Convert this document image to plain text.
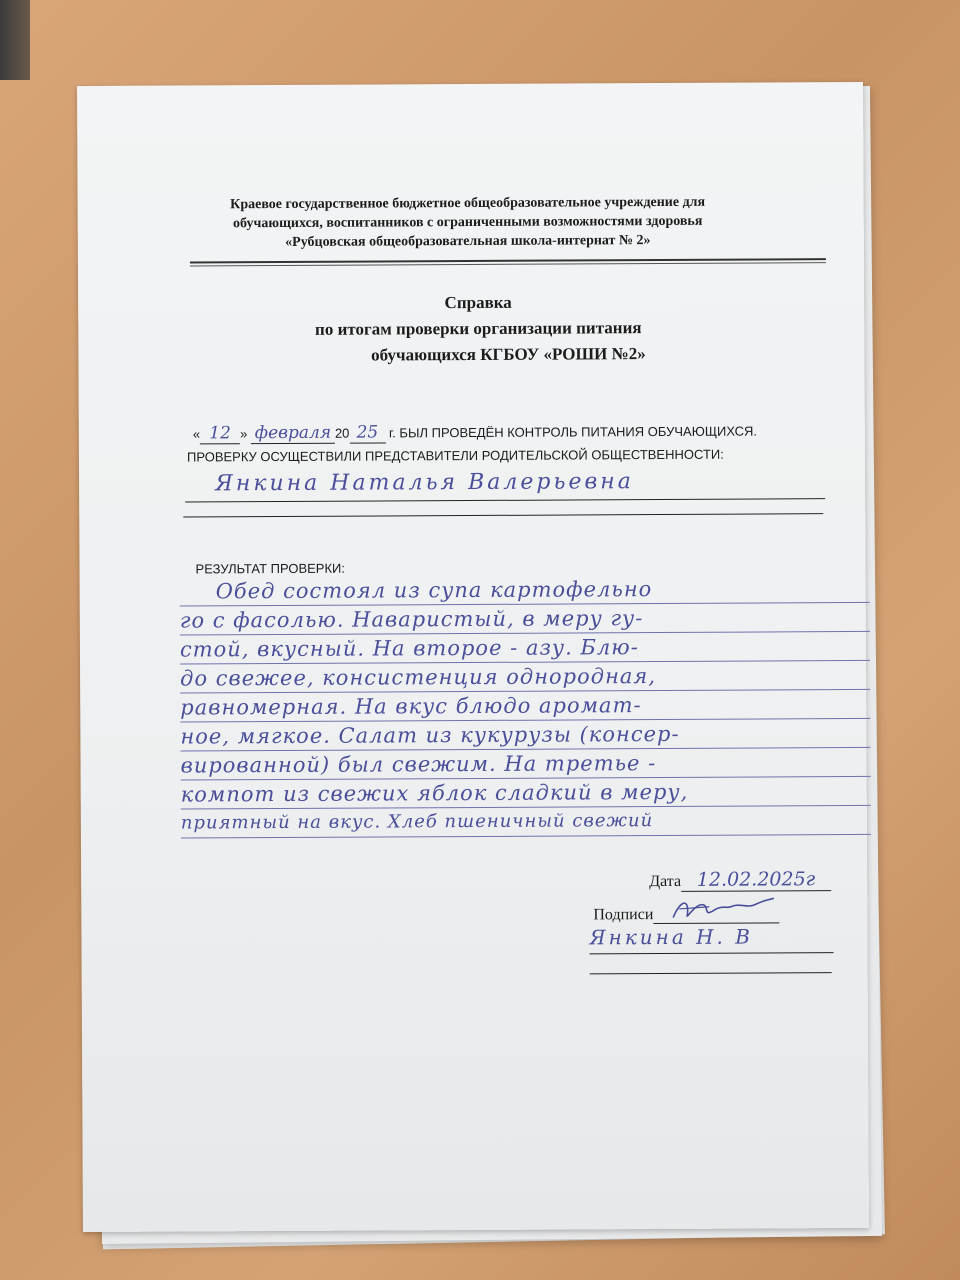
Краевое государственное бюджетное общеобразовательное учреждение для
обучающихся, воспитанников с ограниченными возможностями здоровья
«Рубцовская общеобразовательная школа-интернат № 2»
Справка
по итогам проверки организации питания
обучающихся КГБОУ «РОШИ №2»
« 12 » февраля 20 25 г. БЫЛ ПРОВЕДЁН КОНТРОЛЬ ПИТАНИЯ ОБУЧАЮЩИХСЯ.
ПРОВЕРКУ ОСУЩЕСТВИЛИ ПРЕДСТАВИТЕЛИ РОДИТЕЛЬСКОЙ ОБЩЕСТВЕННОСТИ:
Янкина Наталья Валерьевна
РЕЗУЛЬТАТ ПРОВЕРКИ:
Обед состоял из супа картофельно
го с фасолью. Наваристый, в меру гу-
стой, вкусный. На второе - азу. Блю-
до свежее, консистенция однородная,
равномерная. На вкус блюдо аромат-
ное, мягкое. Салат из кукурузы (консер-
вированной) был свежим. На третье -
компот из свежих яблок сладкий в меру,
приятный на вкус. Хлеб пшеничный свежий
Дата 12.02.2025г
Подписи
Янкина Н. В
